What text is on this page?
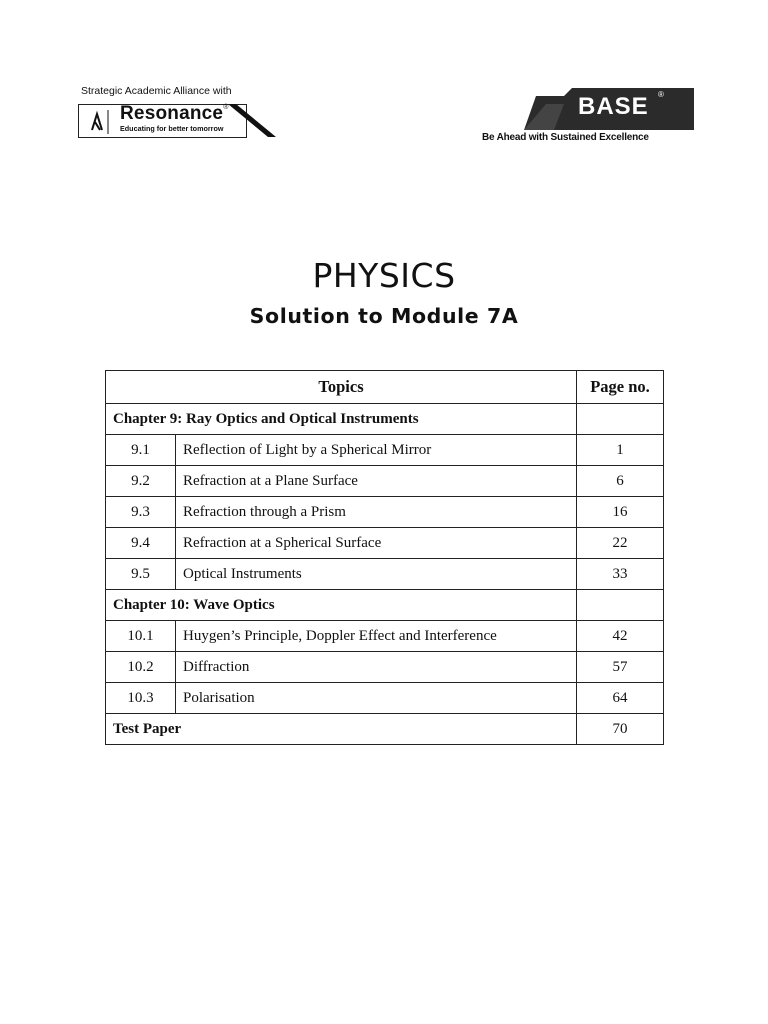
Strategic Academic Alliance with
Resonance®
Educating for better tomorrow
BASE ®
Be Ahead with Sustained Excellence
PHYSICS
Solution to Module 7A
Topics		Page no.
Chapter 9: Ray Optics and Optical Instruments		
9.1	Reflection of Light by a Spherical Mirror	1
9.2	Refraction at a Plane Surface	6
9.3	Refraction through a Prism	16
9.4	Refraction at a Spherical Surface	22
9.5	Optical Instruments	33
Chapter 10: Wave Optics		
10.1	Huygen’s Principle, Doppler Effect and Interference	42
10.2	Diffraction	57
10.3	Polarisation	64
Test Paper		70
